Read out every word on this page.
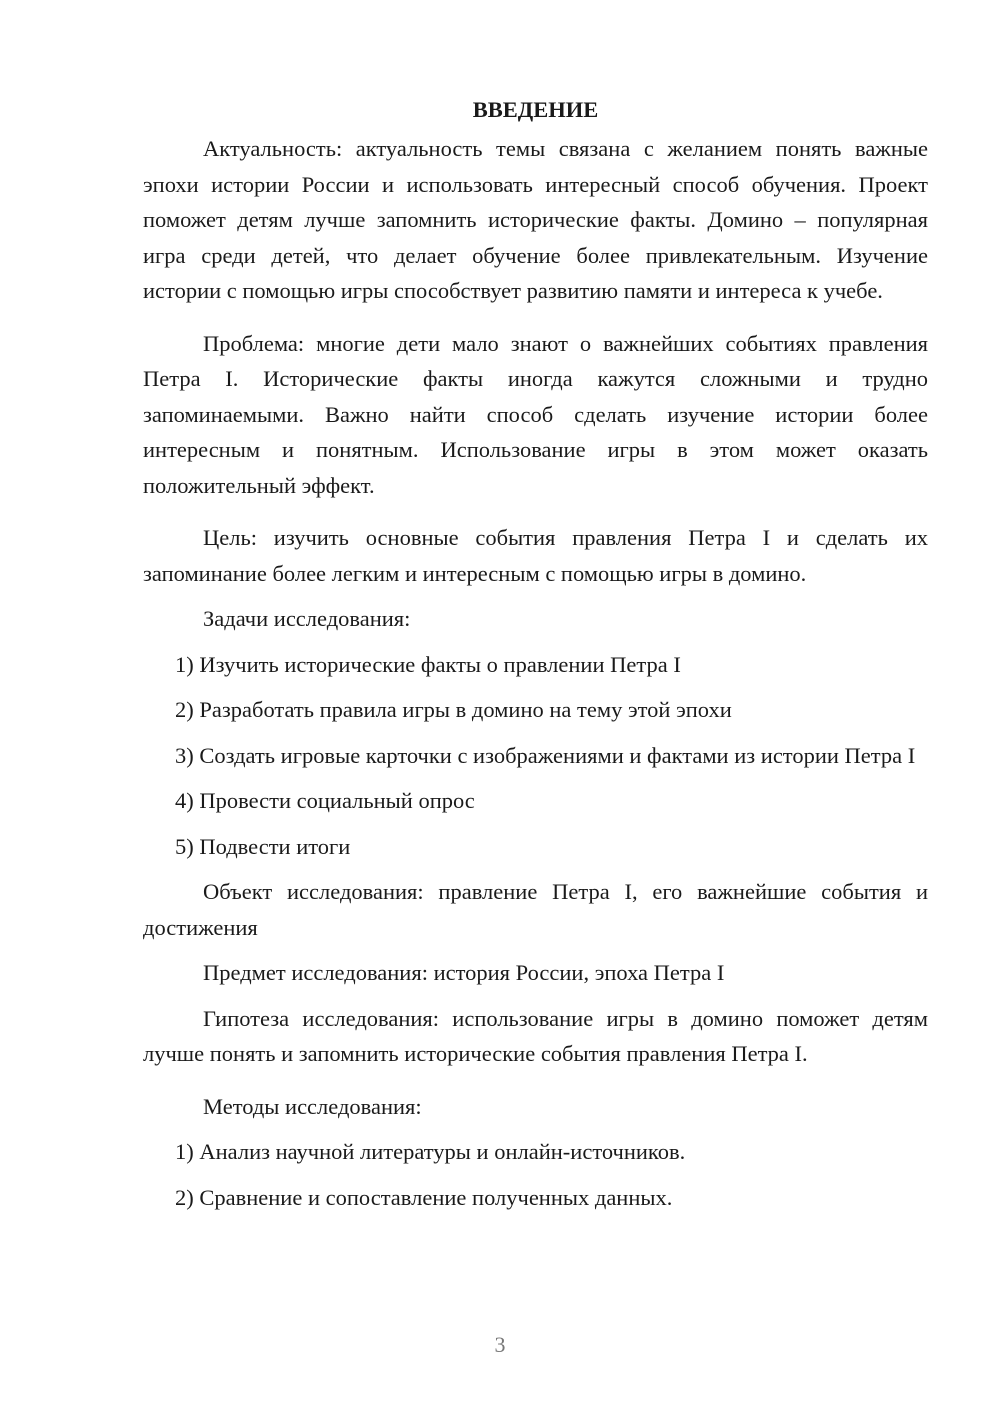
ВВЕДЕНИЕ

Актуальность: актуальность темы связана с желанием понять важные эпохи истории России и использовать интересный способ обучения. Проект поможет детям лучше запомнить исторические факты. Домино – популярная игра среди детей, что делает обучение более привлекательным. Изучение истории с помощью игры способствует развитию памяти и интереса к учебе.

Проблема: многие дети мало знают о важнейших событиях правления Петра I. Исторические факты иногда кажутся сложными и трудно запоминаемыми. Важно найти способ сделать изучение истории более интересным и понятным. Использование игры в этом может оказать положительный эффект.

Цель: изучить основные события правления Петра I и сделать их запоминание более легким и интересным с помощью игры в домино.

Задачи исследования:

1) Изучить исторические факты о правлении Петра I

2) Разработать правила игры в домино на тему этой эпохи

3) Создать игровые карточки с изображениями и фактами из истории Петра I

4) Провести социальный опрос

5) Подвести итоги

Объект исследования: правление Петра I, его важнейшие события и достижения

Предмет исследования: история России, эпоха Петра I

Гипотеза исследования: использование игры в домино поможет детям лучше понять и запомнить исторические события правления Петра I.

Методы исследования:

1) Анализ научной литературы и онлайн-источников.

2) Сравнение и сопоставление полученных данных.

3
